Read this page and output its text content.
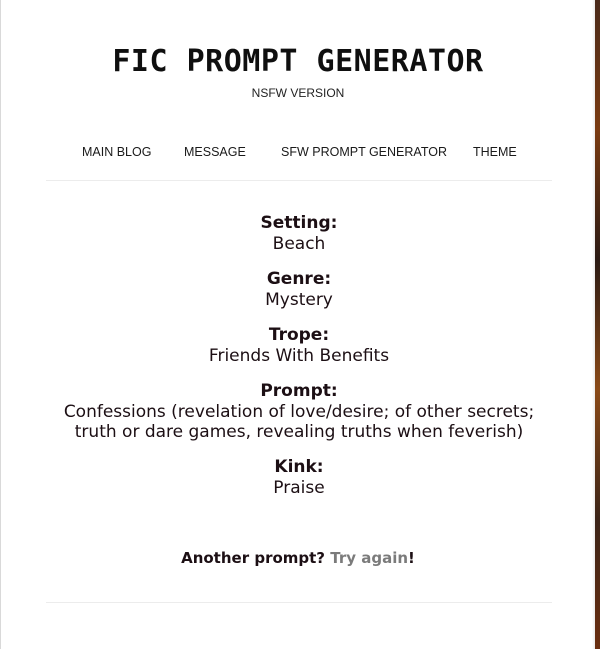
FIC PROMPT GENERATOR
NSFW VERSION
MAIN BLOG	MESSAGE	SFW PROMPT GENERATOR THEME
Setting:
Beach
Genre:
Mystery
Trope:
Friends With Benefits
Prompt:
Confessions (revelation of love/desire; of other secrets;
truth or dare games, revealing truths when feverish)
Kink:
Praise
Another prompt? Try again!
